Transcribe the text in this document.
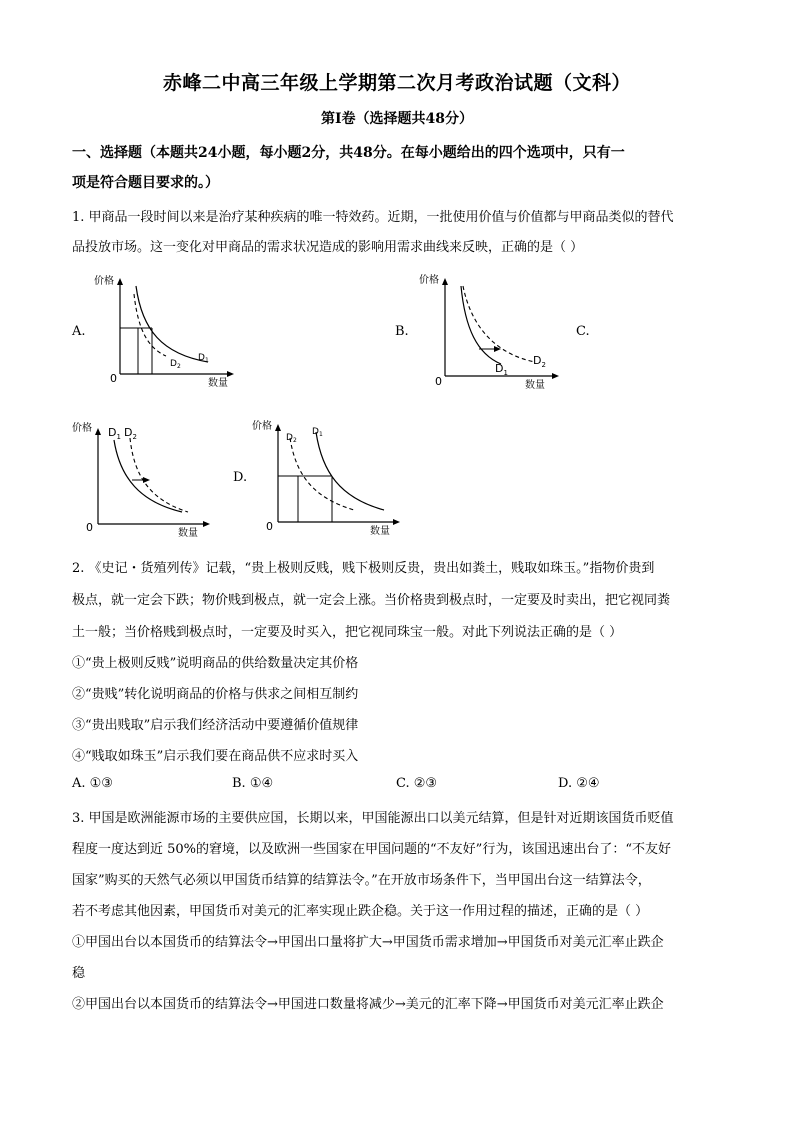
赤峰二中高三年级上学期第二次月考政治试题（文科）
第Ⅰ卷（选择题共48分）
一、选择题（本题共24小题，每小题2分，共48分。在每小题给出的四个选项中，只有一
项是符合题目要求的。）
1. 甲商品一段时间以来是治疗某种疾病的唯一特效药。近期，一批使用价值与价值都与甲商品类似的替代
品投放市场。这一变化对甲商品的需求状况造成的影响用需求曲线来反映，正确的是（ ）
A.	B.	C.
D.
价格
数量
0
$D_1$
$D_2$
价格
数量
0
$D_1$
$D_2$
价格
数量
0
$D_1$ $D_2$
价格
数量
0
$D_2$
$D_1$
2. 《史记・货殖列传》记载，“贵上极则反贱，贱下极则反贵，贵出如粪土，贱取如珠玉。”指物价贵到
极点，就一定会下跌；物价贱到极点，就一定会上涨。当价格贵到极点时，一定要及时卖出，把它视同粪
土一般；当价格贱到极点时，一定要及时买入，把它视同珠宝一般。对此下列说法正确的是（ ）
①“贵上极则反贱”说明商品的供给数量决定其价格
②“贵贱”转化说明商品的价格与供求之间相互制约
③“贵出贱取”启示我们经济活动中要遵循价值规律
④“贱取如珠玉”启示我们要在商品供不应求时买入
A. ①③	B. ①④	C. ②③	D. ②④
3. 甲国是欧洲能源市场的主要供应国，长期以来，甲国能源出口以美元结算，但是针对近期该国货币贬值
程度一度达到近 50%的窘境，以及欧洲一些国家在甲国问题的“不友好”行为，该国迅速出台了：“不友好
国家”购买的天然气必须以甲国货币结算的结算法令。”在开放市场条件下，当甲国出台这一结算法令，
若不考虑其他因素，甲国货币对美元的汇率实现止跌企稳。关于这一作用过程的描述，正确的是（ ）
①甲国出台以本国货币的结算法令→甲国出口量将扩大→甲国货币需求增加→甲国货币对美元汇率止跌企
稳
②甲国出台以本国货币的结算法令→甲国进口数量将减少→美元的汇率下降→甲国货币对美元汇率止跌企
